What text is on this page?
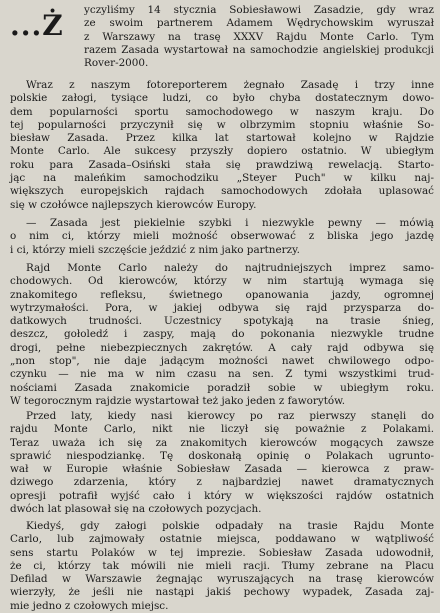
...Ż	yczyliśmy 14 stycznia Sobiesławowi Zasadzie, gdy wraz
ze swoim partnerem Adamem Wędrychowskim wyruszał
z Warszawy na trasę XXXV Rajdu Monte Carlo. Tym
razem Zasada wystartował na samochodzie angielskiej produkcji
Rover-2000.
Wraz z naszym fotoreporterem żegnało Zasadę i trzy inne
polskie załogi, tysiące ludzi, co było chyba dostatecznym dowo-
dem popularności sportu samochodowego w naszym kraju. Do
tej popularności przyczynił się w olbrzymim stopniu właśnie So-
biesław Zasada. Przez kilka lat startował kolejno w Rajdzie
Monte Carlo. Ale sukcesy przyszły dopiero ostatnio. W ubiegłym
roku para Zasada–Osiński stała się prawdziwą rewelacją. Starto-
jąc na maleńkim samochodziku „Steyer Puch" w kilku naj-
większych europejskich rajdach samochodowych zdołała uplasować
się w czołówce najlepszych kierowców Europy.
— Zasada jest piekielnie szybki i niezwykle pewny — mówią
o nim ci, którzy mieli możność obserwować z bliska jego jazdę
i ci, którzy mieli szczęście jeździć z nim jako partnerzy.
Rajd Monte Carlo należy do najtrudniejszych imprez samo-
chodowych. Od kierowców, którzy w nim startują wymaga się
znakomitego refleksu, świetnego opanowania jazdy, ogromnej
wytrzymałości. Pora, w jakiej odbywa się rajd przysparza do-
datkowych trudności. Uczestnicy spotykają na trasie śnieg,
deszcz, gołoledź i zaspy, mają do pokonania niezwykle trudne
drogi, pełne niebezpiecznych zakrętów. A cały rajd odbywa się
„non stop", nie daje jadącym możności nawet chwilowego odpo-
czynku — nie ma w nim czasu na sen. Z tymi wszystkimi trud-
nościami Zasada znakomicie poradził sobie w ubiegłym roku.
W tegorocznym rajdzie wystartował też jako jeden z faworytów.
Przed laty, kiedy nasi kierowcy po raz pierwszy stanęli do
rajdu Monte Carlo, nikt nie liczył się poważnie z Polakami.
Teraz uważa ich się za znakomitych kierowców mogących zawsze
sprawić niespodziankę. Tę doskonałą opinię o Polakach ugrunto-
wał w Europie właśnie Sobiesław Zasada — kierowca z praw-
dziwego zdarzenia, który z najbardziej nawet dramatycznych
opresji potrafił wyjść cało i który w większości rajdów ostatnich
dwóch lat plasował się na czołowych pozycjach.
Kiedyś, gdy załogi polskie odpadały na trasie Rajdu Monte
Carlo, lub zajmowały ostatnie miejsca, poddawano w wątpliwość
sens startu Polaków w tej imprezie. Sobiesław Zasada udowodnił,
że ci, którzy tak mówili nie mieli racji. Tłumy zebrane na Placu
Defilad w Warszawie żegnając wyruszających na trasę kierowców
wierzyły, że jeśli nie nastąpi jakiś pechowy wypadek, Zasada zaj-
mie jedno z czołowych miejsc.
